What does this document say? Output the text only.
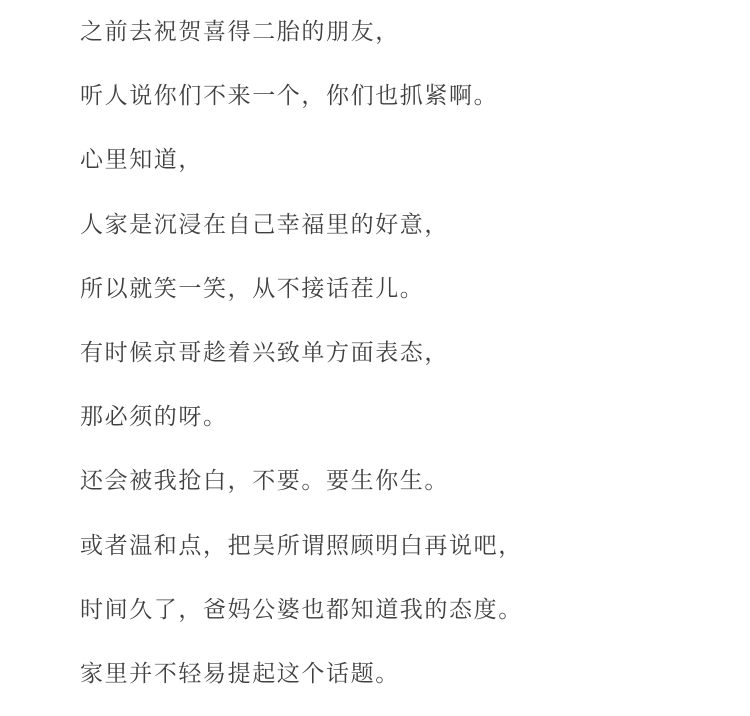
之前去祝贺喜得二胎的朋友，

听人说你们不来一个，你们也抓紧啊。

心里知道，

人家是沉浸在自己幸福里的好意，

所以就笑一笑，从不接话茬儿。

有时候京哥趁着兴致单方面表态，

那必须的呀。

还会被我抢白，不要。要生你生。

或者温和点，把吴所谓照顾明白再说吧，

时间久了，爸妈公婆也都知道我的态度。

家里并不轻易提起这个话题。
